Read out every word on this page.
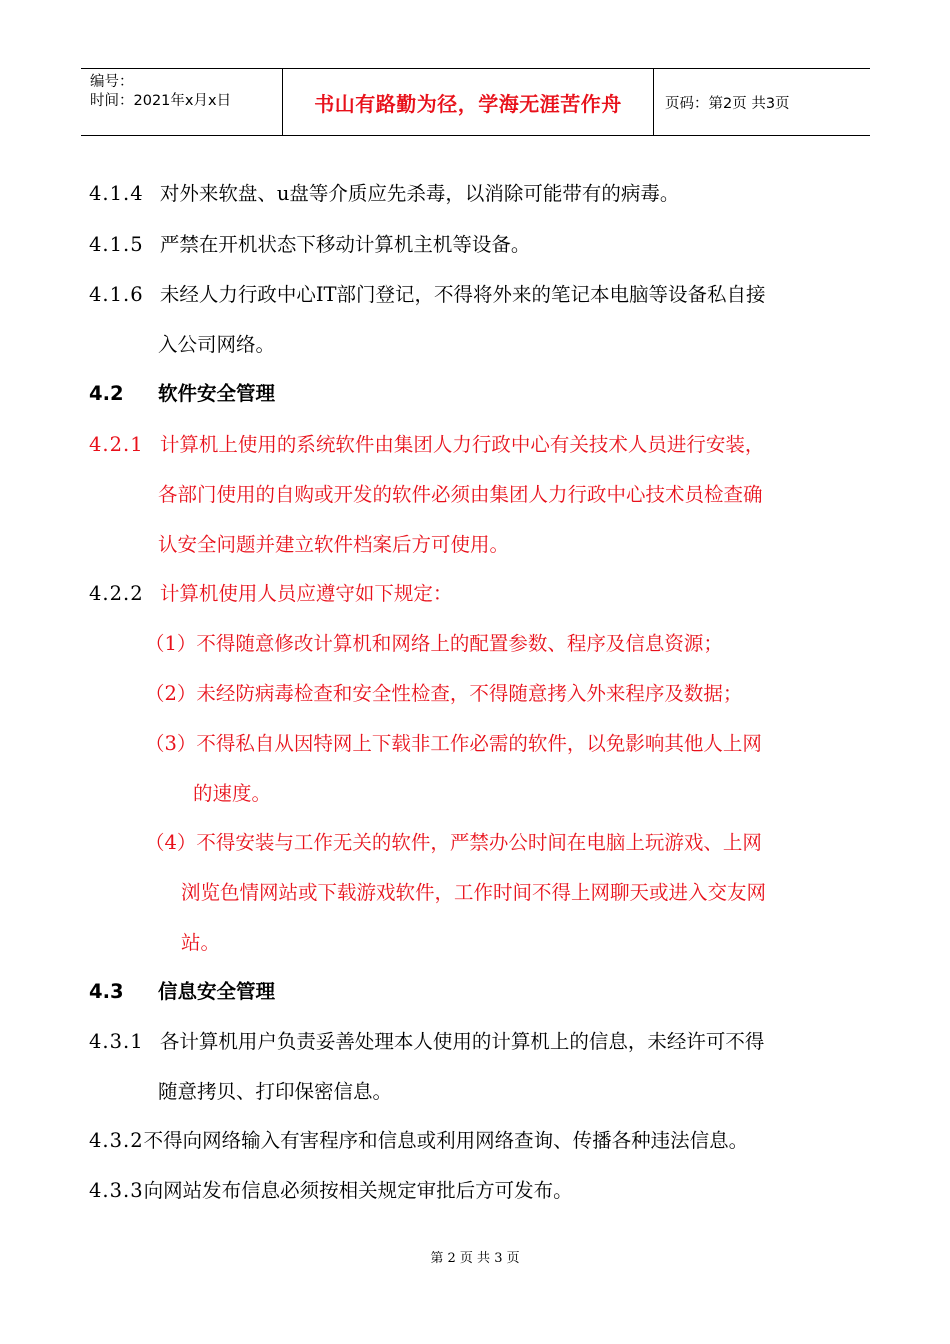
编号：
时间：2021年x月x日	书山有路勤为径，学海无涯苦作舟	页码：第2页 共3页
4.1.4 对外来软盘、u盘等介质应先杀毒，以消除可能带有的病毒。
4.1.5 严禁在开机状态下移动计算机主机等设备。
4.1.6 未经人力行政中心IT部门登记，不得将外来的笔记本电脑等设备私自接
入公司网络。
4.2 软件安全管理
4.2.1 计算机上使用的系统软件由集团人力行政中心有关技术人员进行安装，
各部门使用的自购或开发的软件必须由集团人力行政中心技术员检查确
认安全问题并建立软件档案后方可使用。
4.2.2 计算机使用人员应遵守如下规定：
（1）不得随意修改计算机和网络上的配置参数、程序及信息资源；
（2）未经防病毒检查和安全性检查，不得随意拷入外来程序及数据；
（3）不得私自从因特网上下载非工作必需的软件，以免影响其他人上网
的速度。
（4）不得安装与工作无关的软件，严禁办公时间在电脑上玩游戏、上网
浏览色情网站或下载游戏软件，工作时间不得上网聊天或进入交友网
站。
4.3 信息安全管理
4.3.1 各计算机用户负责妥善处理本人使用的计算机上的信息，未经许可不得
随意拷贝、打印保密信息。
4.3.2不得向网络输入有害程序和信息或利用网络查询、传播各种违法信息。
4.3.3向网站发布信息必须按相关规定审批后方可发布。
第 2 页 共 3 页
